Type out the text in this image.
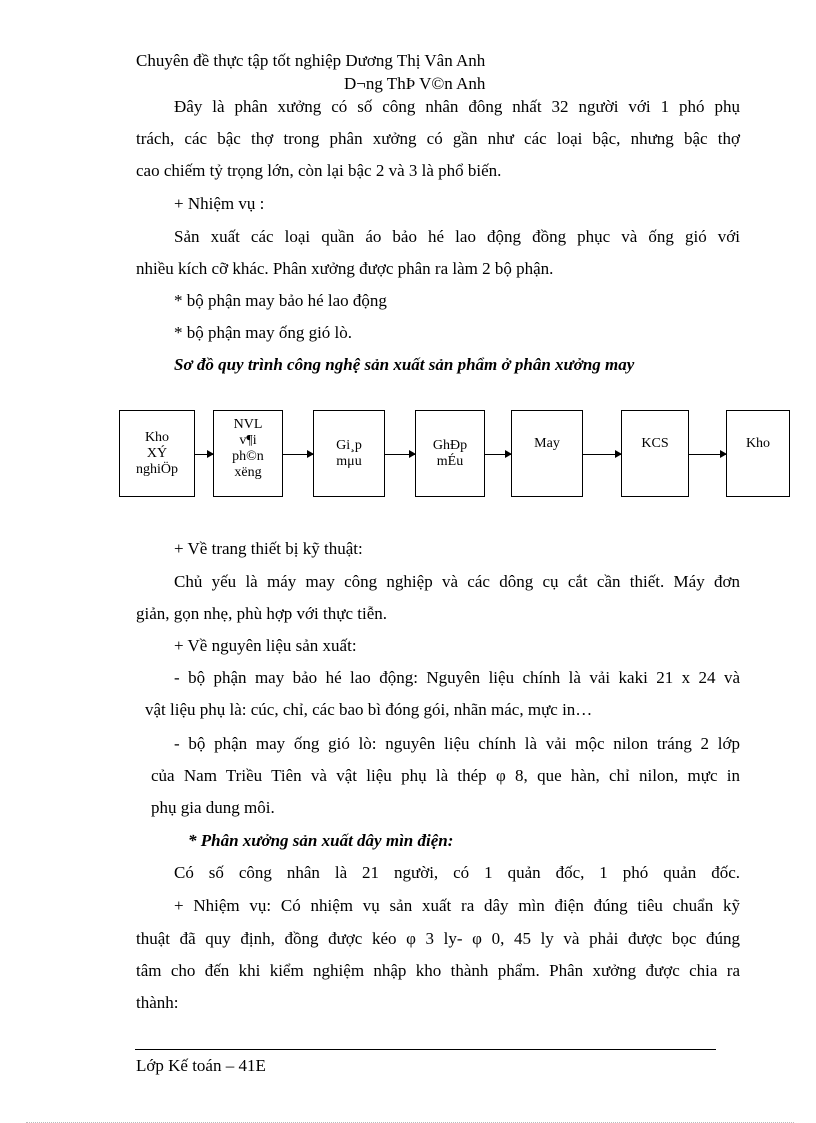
Chuyên đề thực tập tốt nghiệp Dương Thị Vân Anh
D¬ng ThÞ V©n Anh
Đây là phân xưởng có số công nhân đông nhất 32 người với 1 phó phụ
trách, các bậc thợ trong phân xưởng có gần như các loại bậc, nhưng bậc thợ
cao chiếm tỷ trọng lớn, còn lại bậc 2 và 3 là phổ biến.
+ Nhiệm vụ :
Sản xuất các loại quần áo bảo hé lao động đồng phục và ống gió với
nhiều kích cỡ khác. Phân xưởng được phân ra làm 2 bộ phận.
* bộ phận may bảo hé lao động
* bộ phận may ống gió lò.
Sơ đồ quy trình công nghệ sản xuất sản phẩm ở phân xưởng may
Kho
XÝ
nghiÖp
NVL
v¶i
ph©n
xëng
Gi¸p
mμu
GhÐp
mÉu
May	KCS	Kho
+ Về trang thiết bị kỹ thuật:
Chủ yếu là máy may công nghiệp và các dông cụ cắt cần thiết. Máy đơn
giản, gọn nhẹ, phù hợp với thực tiễn.
+ Về nguyên liệu sản xuất:
- bộ phận may bảo hé lao động: Nguyên liệu chính là vải kaki 21 x 24 và
vật liệu phụ là: cúc, chỉ, các bao bì đóng gói, nhãn mác, mực in…
- bộ phận may ống gió lò: nguyên liệu chính là vải mộc nilon tráng 2 lớp
của Nam Triều Tiên và vật liệu phụ là thép φ 8, que hàn, chỉ nilon, mực in
phụ gia dung môi.
* Phân xưởng sản xuất dây mìn điện:
Có số công nhân là 21 người, có 1 quản đốc, 1 phó quản đốc.
+ Nhiệm vụ: Có nhiệm vụ sản xuất ra dây mìn điện đúng tiêu chuẩn kỹ
thuật đã quy định, đồng được kéo φ 3 ly- φ 0, 45 ly và phải được bọc đúng
tâm cho đến khi kiểm nghiệm nhập kho thành phẩm. Phân xưởng được chia ra
thành:
Lớp Kế toán – 41E
